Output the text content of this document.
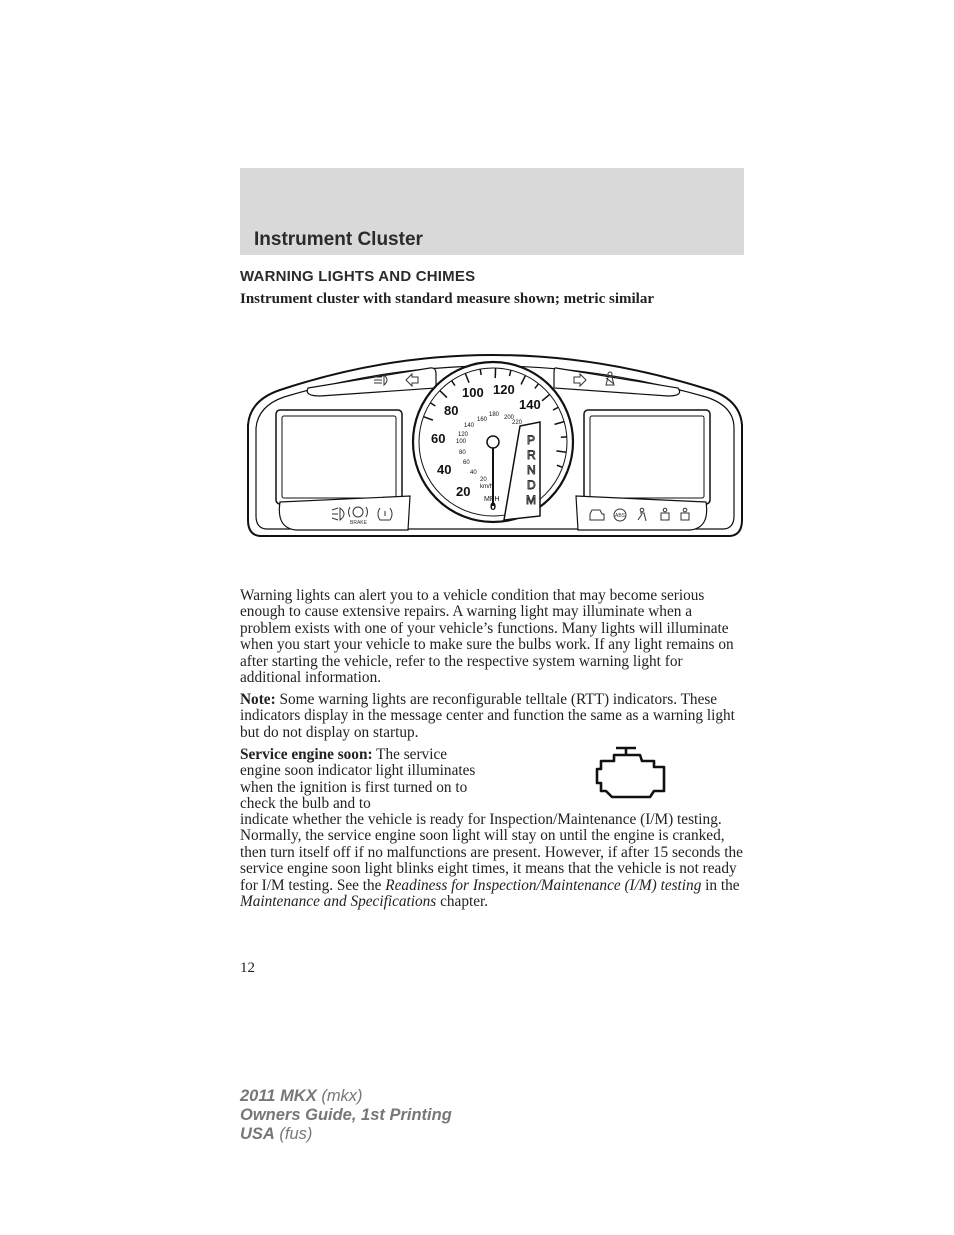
Instrument Cluster
WARNING LIGHTS AND CHIMES
Instrument cluster with standard measure shown; metric similar
BRAKE
ABS
20
40
60
80
100 120
140
20
40
60
80
100
120
140
160
180 200
220
km/h
MPH
0
P
R
N
D
M
Warning lights can alert you to a vehicle condition that may become serious enough to cause extensive repairs. A warning light may illuminate when a problem exists with one of your vehicle’s functions. Many lights will illuminate when you start your vehicle to make sure the bulbs work. If any light remains on after starting the vehicle, refer to the respective system warning light for additional information.
Note: Some warning lights are reconfigurable telltale (RTT) indicators. These indicators display in the message center and function the same as a warning light but do not display on startup.
Service engine soon: The service engine soon indicator light illuminates when the ignition is first turned on to check the bulb and to
indicate whether the vehicle is ready for Inspection/Maintenance (I/M) testing. Normally, the service engine soon light will stay on until the engine is cranked, then turn itself off if no malfunctions are present. However, if after 15 seconds the service engine soon light blinks eight times, it means that the vehicle is not ready for I/M testing. See the Readiness for Inspection/Maintenance (I/M) testing in the Maintenance and Specifications chapter.
12
2011 MKX (mkx)
Owners Guide, 1st Printing
USA (fus)
